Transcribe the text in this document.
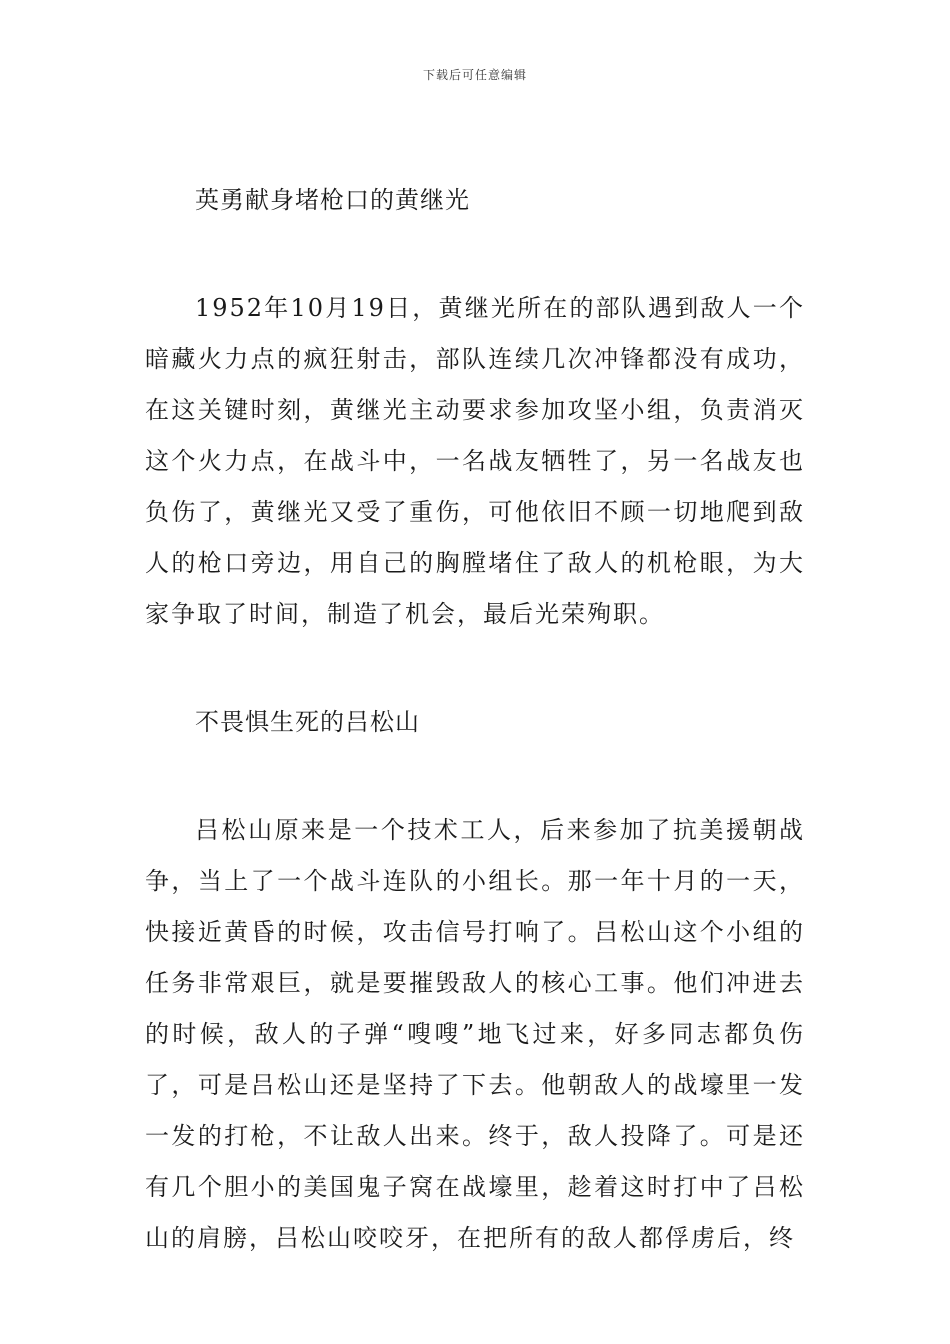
下载后可任意编辑
英勇献身堵枪口的黄继光

1952年10月19日，黄继光所在的部队遇到敌人一个暗藏火力点的疯狂射击，部队连续几次冲锋都没有成功，在这关键时刻，黄继光主动要求参加攻坚小组，负责消灭这个火力点，在战斗中，一名战友牺牲了，另一名战友也负伤了，黄继光又受了重伤，可他依旧不顾一切地爬到敌人的枪口旁边，用自己的胸膛堵住了敌人的机枪眼，为大家争取了时间，制造了机会，最后光荣殉职。

不畏惧生死的吕松山

吕松山原来是一个技术工人，后来参加了抗美援朝战争，当上了一个战斗连队的小组长。那一年十月的一天，快接近黄昏的时候，攻击信号打响了。吕松山这个小组的任务非常艰巨，就是要摧毁敌人的核心工事。他们冲进去的时候，敌人的子弹“嗖嗖”地飞过来，好多同志都负伤了，可是吕松山还是坚持了下去。他朝敌人的战壕里一发一发的打枪，不让敌人出来。终于，敌人投降了。可是还有几个胆小的美国鬼子窝在战壕里，趁着这时打中了吕松山的肩膀，吕松山咬咬牙，在把所有的敌人都俘虏后，终
